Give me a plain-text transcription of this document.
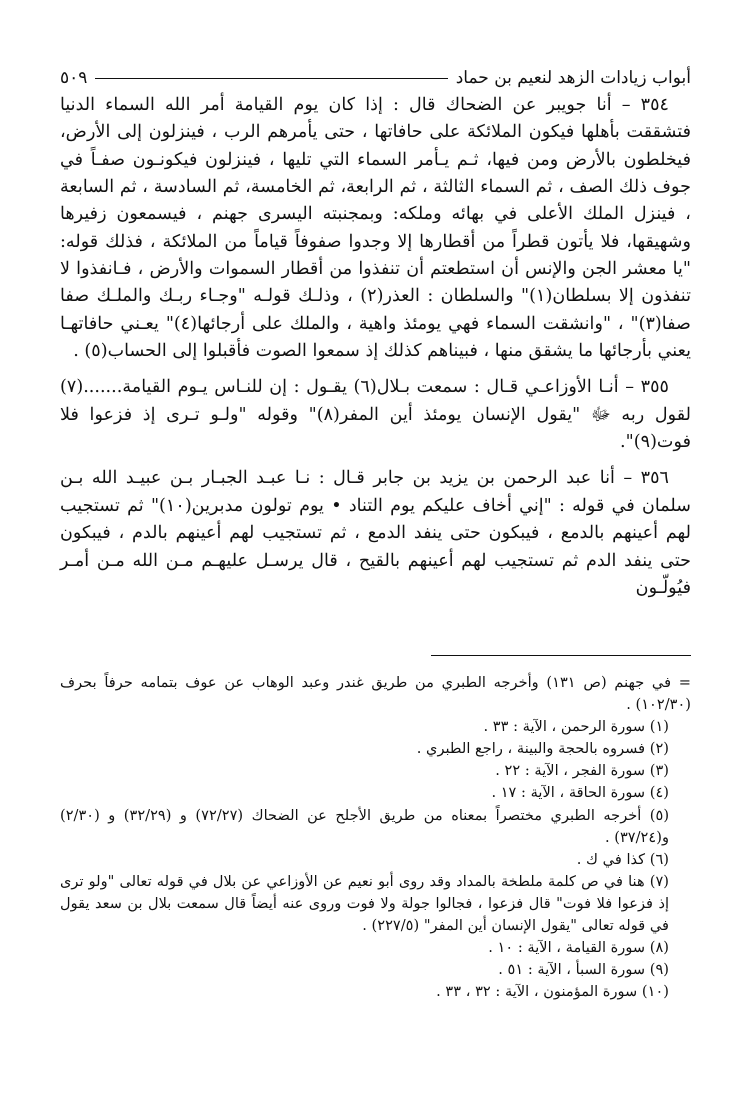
أبواب زيادات الزهد لنعيم بن حماد
٥٠٩

٣٥٤ – أنا جويبر عن الضحاك قال : إذا كان يوم القيامة أمر الله السماء الدنيا فتشققت بأهلها فيكون الملائكة على حافاتها ، حتى يأمرهم الرب ، فينزلون إلى الأرض، فيخلطون بالأرض ومن فيها، ثـم يـأمر السماء التي تليها ، فينزلون فيكونـون صفـاً في جوف ذلك الصف ، ثم السماء الثالثة ، ثم الرابعة، ثم الخامسة، ثم السادسة ، ثم السابعة ، فينزل الملك الأعلى في بهائه وملكه: وبمجنبته اليسرى جهنم ، فيسمعون زفيرها وشهيقها، فلا يأتون قطراً من أقطارها إلا وجدوا صفوفاً قياماً من الملائكة ، فذلك قوله: "يا معشر الجن والإنس أن استطعتم أن تنفذوا من أقطار السموات والأرض ، فـانفذوا لا تنفذون إلا بسلطان(١)" والسلطان : العذر(٢) ، وذلـك قولـه "وجـاء ربـك والملـك صفا صفا(٣)" ، "وانشقت السماء فهي يومئذ واهية ، والملك على أرجائها(٤)" يعـني حافاتهـا يعني بأرجائها ما يشقق منها ، فبيناهم كذلك إذ سمعوا الصوت فأقبلوا إلى الحساب(٥) .

٣٥٥ – أنـا الأوزاعـي قـال : سمعت بـلال(٦) يقـول : إن للنـاس يـوم القيامة.......(٧) لقول ربه ﷻ "يقول الإنسان يومئذ أين المفر(٨)" وقوله "ولـو تـرى إذ فزعوا فلا فوت(٩)".

٣٥٦ – أنا عبد الرحمن بن يزيد بن جابر قـال : نـا عبـد الجبـار بـن عبيـد الله بـن سلمان في قوله : "إني أخاف عليكم يوم التناد • يوم تولون مدبرين(١٠)" ثم تستجيب لهم أعينهم بالدمع ، فيبكون حتى ينفد الدمع ، ثم تستجيب لهم أعينهم بالدم ، فيبكون حتى ينفد الدم ثم تستجيب لهم أعينهم بالقيح ، قال يرسـل عليهـم مـن الله مـن أمـر فيُولّـون

= في جهنم (ص ١٣١) وأخرجه الطبري من طريق غندر وعبد الوهاب عن عوف بتمامه حرفاً بحرف (١٠٢/٣٠) .

(١) سورة الرحمن ، الآية : ٣٣ .

(٢) فسروه بالحجة والبينة ، راجع الطبري .

(٣) سورة الفجر ، الآية : ٢٢ .

(٤) سورة الحاقة ، الآية : ١٧ .

(٥) أخرجه الطبري مختصراً بمعناه من طريق الأجلح عن الضحاك (٧٢/٢٧) و (٣٢/٢٩) و (٢/٣٠) و(٣٧/٢٤) .

(٦) كذا في ك .

(٧) هنا في ص كلمة ملطخة بالمداد وقد روى أبو نعيم عن الأوزاعي عن بلال في قوله تعالى "ولو ترى إذ فزعوا فلا فوت" قال فزعوا ، فجالوا جولة ولا فوت وروى عنه أيضاً قال سمعت بلال بن سعد يقول في قوله تعالى "يقول الإنسان أين المفر" (٢٢٧/٥) .

(٨) سورة القيامة ، الآية : ١٠ .

(٩) سورة السبأ ، الآية : ٥١ .

(١٠) سورة المؤمنون ، الآية : ٣٢ ، ٣٣ .
